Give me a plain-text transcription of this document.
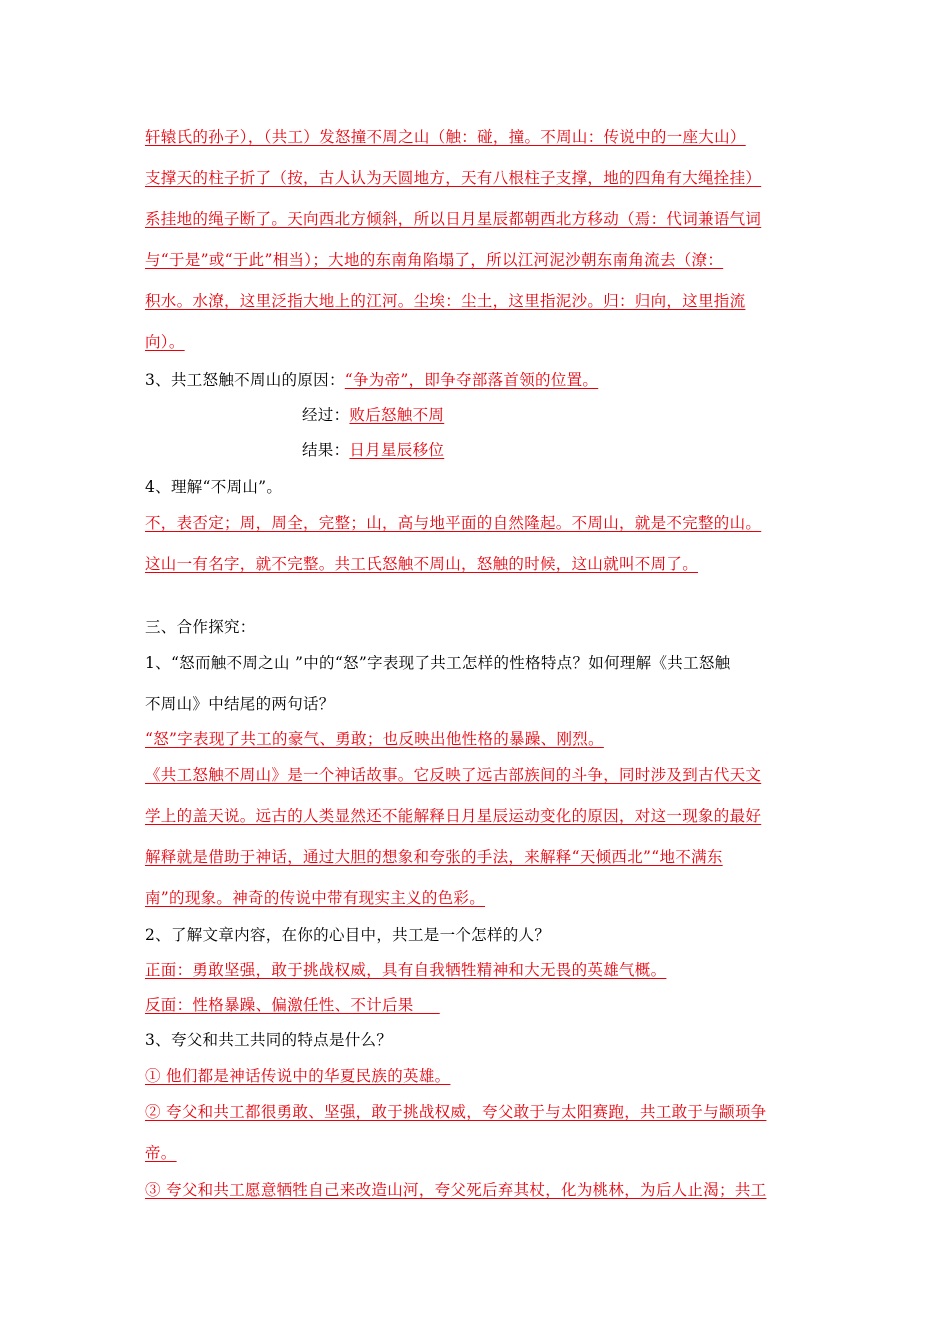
轩辕氏的孙子），（共工）发怒撞不周之山（触：碰，撞。不周山：传说中的一座大山）
支撑天的柱子折了（按，古人认为天圆地方，天有八根柱子支撑，地的四角有大绳拴挂）
系挂地的绳子断了。天向西北方倾斜，所以日月星辰都朝西北方移动（焉：代词兼语气词
与“于是”或“于此”相当）；大地的东南角陷塌了，所以江河泥沙朝东南角流去（潦：
积水。水潦，这里泛指大地上的江河。尘埃：尘土，这里指泥沙。归：归向，这里指流
向）。
3、共工怒触不周山的原因：“争为帝”，即争夺部落首领的位置。
经过：败后怒触不周
结果：日月星辰移位
4、理解“不周山”。
不，表否定；周，周全，完整；山，高与地平面的自然隆起。不周山，就是不完整的山。
这山一有名字，就不完整。共工氏怒触不周山，怒触的时候，这山就叫不周了。
三、合作探究：
1、“怒而触不周之山 ”中的“怒”字表现了共工怎样的性格特点？如何理解《共工怒触
不周山》中结尾的两句话？
“怒”字表现了共工的豪气、勇敢；也反映出他性格的暴躁、刚烈。
《共工怒触不周山》是一个神话故事。它反映了远古部族间的斗争，同时涉及到古代天文
学上的盖天说。远古的人类显然还不能解释日月星辰运动变化的原因，对这一现象的最好
解释就是借助于神话，通过大胆的想象和夸张的手法，来解释“天倾西北”“地不满东
南”的现象。神奇的传说中带有现实主义的色彩。
2、了解文章内容，在你的心目中，共工是一个怎样的人？
正面：勇敢坚强，敢于挑战权威，具有自我牺牲精神和大无畏的英雄气概。
反面：性格暴躁、偏激任性、不计后果
3、夸父和共工共同的特点是什么？
① 他们都是神话传说中的华夏民族的英雄。
② 夸父和共工都很勇敢、坚强，敢于挑战权威，夸父敢于与太阳赛跑，共工敢于与颛顼争
帝。
③ 夸父和共工愿意牺牲自己来改造山河，夸父死后弃其杖，化为桃林，为后人止渴；共工
